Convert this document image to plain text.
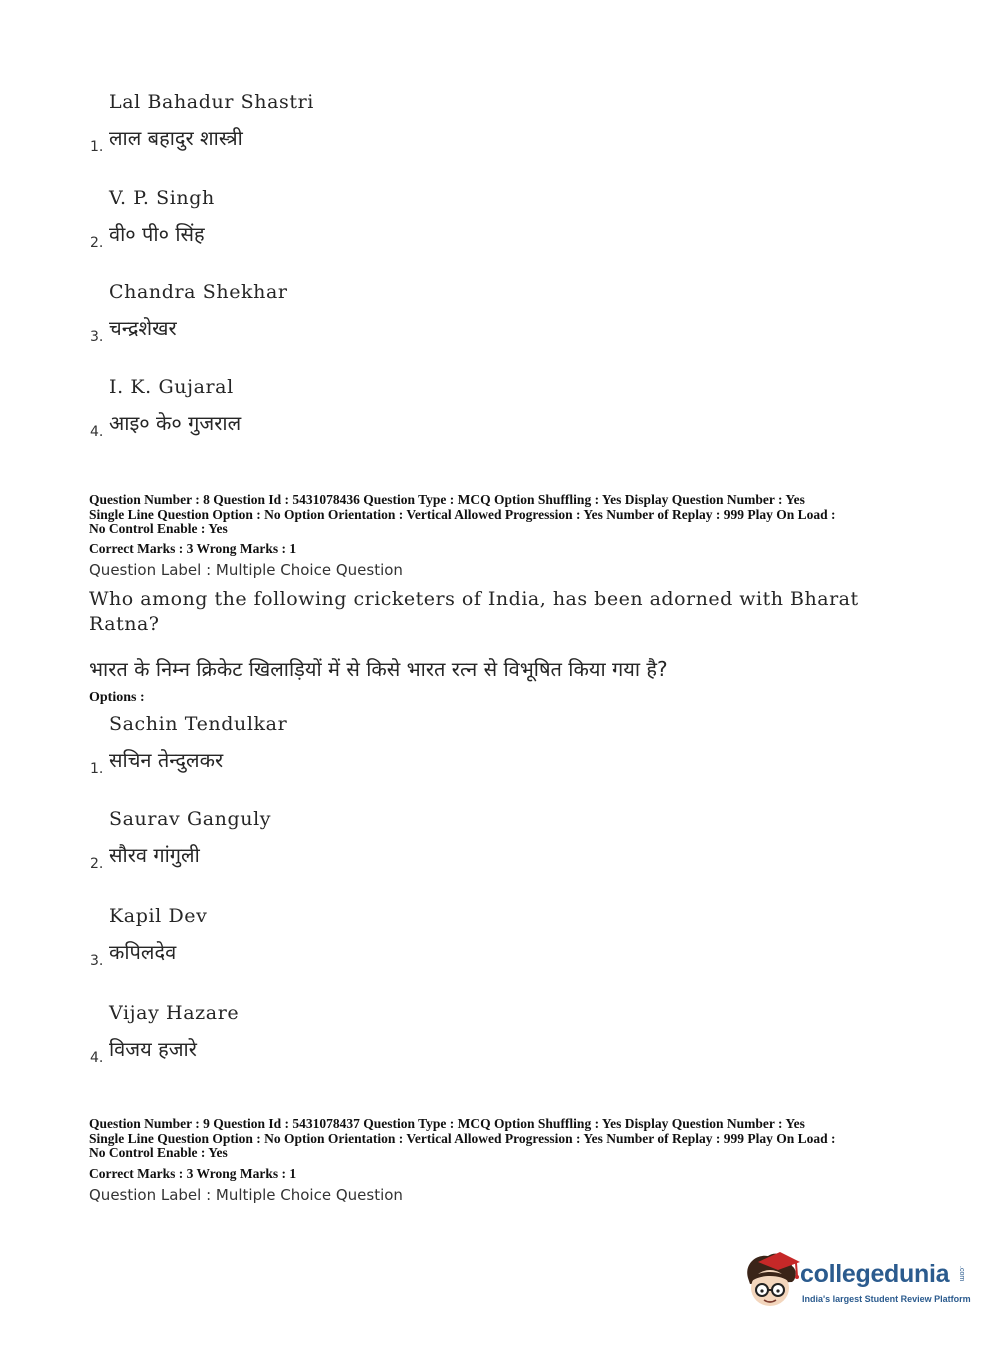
Lal Bahadur Shastri
लाल बहादुर शास्त्री
1.
V. P. Singh
वी० पी० सिंह
2.
Chandra Shekhar
चन्द्रशेखर
3.
I. K. Gujaral
आइ० के० गुजराल
4.
Question Number : 8 Question Id : 5431078436 Question Type : MCQ Option Shuffling : Yes Display Question Number : Yes
Single Line Question Option : No Option Orientation : Vertical Allowed Progression : Yes Number of Replay : 999 Play On Load :
No Control Enable : Yes
Correct Marks : 3 Wrong Marks : 1
Question Label : Multiple Choice Question
Who among the following cricketers of India, has been adorned with Bharat Ratna?
भारत के निम्न क्रिकेट खिलाड़ियों में से किसे भारत रत्न से विभूषित किया गया है?
Options :
Sachin Tendulkar
सचिन तेन्दुलकर
1.
Saurav Ganguly
सौरव गांगुली
2.
Kapil Dev
कपिलदेव
3.
Vijay Hazare
विजय हजारे
4.
Question Number : 9 Question Id : 5431078437 Question Type : MCQ Option Shuffling : Yes Display Question Number : Yes
Single Line Question Option : No Option Orientation : Vertical Allowed Progression : Yes Number of Replay : 999 Play On Load :
No Control Enable : Yes
Correct Marks : 3 Wrong Marks : 1
Question Label : Multiple Choice Question
collegedunia .com
India's largest Student Review Platform
